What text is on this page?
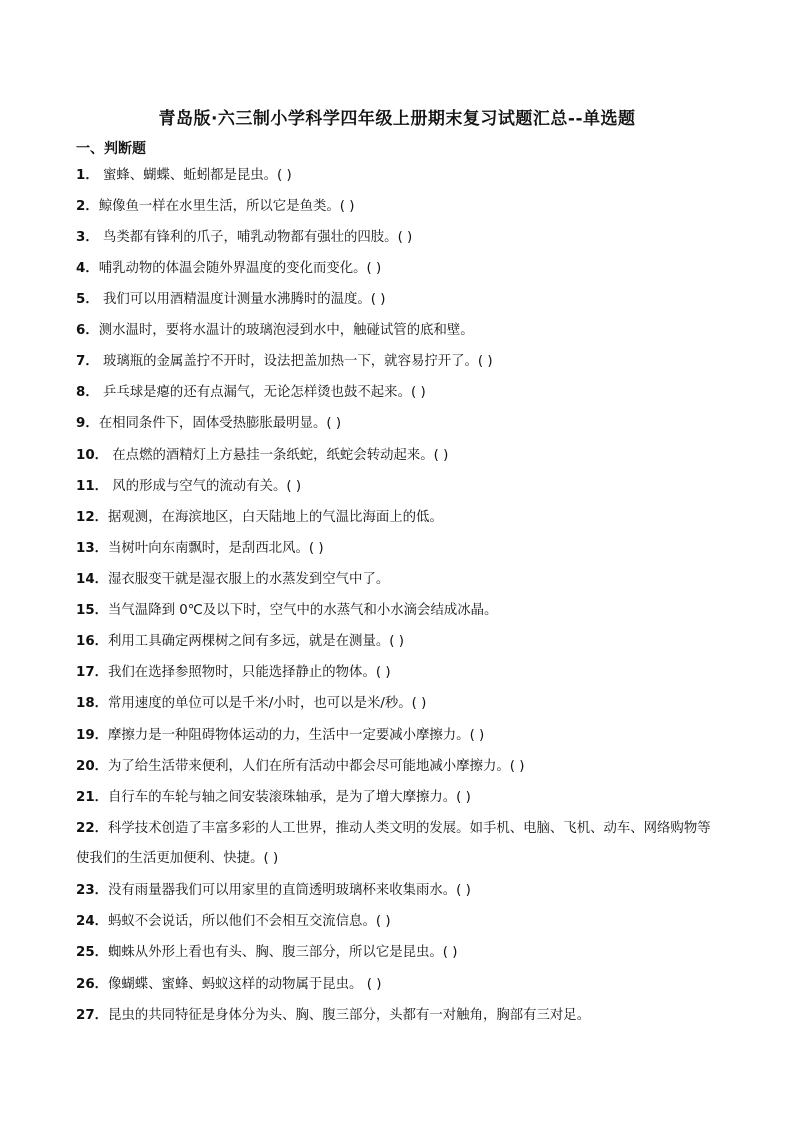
青岛版·六三制小学科学四年级上册期末复习试题汇总--单选题
一、判断题
1． 蜜蜂、蝴蝶、蚯蚓都是昆虫。( )
2．鲸像鱼一样在水里生活，所以它是鱼类。( )
3． 鸟类都有锋利的爪子，哺乳动物都有强壮的四肢。( )
4．哺乳动物的体温会随外界温度的变化而变化。( )
5． 我们可以用酒精温度计测量水沸腾时的温度。( )
6．测水温时，要将水温计的玻璃泡浸到水中，触碰试管的底和壁。
7． 玻璃瓶的金属盖拧不开时，设法把盖加热一下，就容易拧开了。( )
8． 乒乓球是瘪的还有点漏气，无论怎样烫也鼓不起来。( )
9．在相同条件下，固体受热膨胀最明显。( )
10． 在点燃的酒精灯上方悬挂一条纸蛇，纸蛇会转动起来。( )
11． 风的形成与空气的流动有关。( )
12．据观测，在海滨地区，白天陆地上的气温比海面上的低。
13．当树叶向东南飘时，是刮西北风。( )
14．湿衣服变干就是湿衣服上的水蒸发到空气中了。
15．当气温降到 0℃及以下时，空气中的水蒸气和小水滴会结成冰晶。
16．利用工具确定两棵树之间有多远，就是在测量。( )
17．我们在选择参照物时，只能选择静止的物体。( )
18．常用速度的单位可以是千米/小时，也可以是米/秒。( )
19．摩擦力是一种阻碍物体运动的力，生活中一定要减小摩擦力。( )
20．为了给生活带来便利，人们在所有活动中都会尽可能地减小摩擦力。( )
21．自行车的车轮与轴之间安装滚珠轴承，是为了增大摩擦力。( )
22．科学技术创造了丰富多彩的人工世界，推动人类文明的发展。如手机、电脑、飞机、动车、网络购物等使我们的生活更加便利、快捷。( )
23．没有雨量器我们可以用家里的直筒透明玻璃杯来收集雨水。( )
24．蚂蚁不会说话，所以他们不会相互交流信息。( )
25．蜘蛛从外形上看也有头、胸、腹三部分，所以它是昆虫。( )
26．像蝴蝶、蜜蜂、蚂蚁这样的动物属于昆虫。 ( )
27．昆虫的共同特征是身体分为头、胸、腹三部分，头都有一对触角，胸部有三对足。
